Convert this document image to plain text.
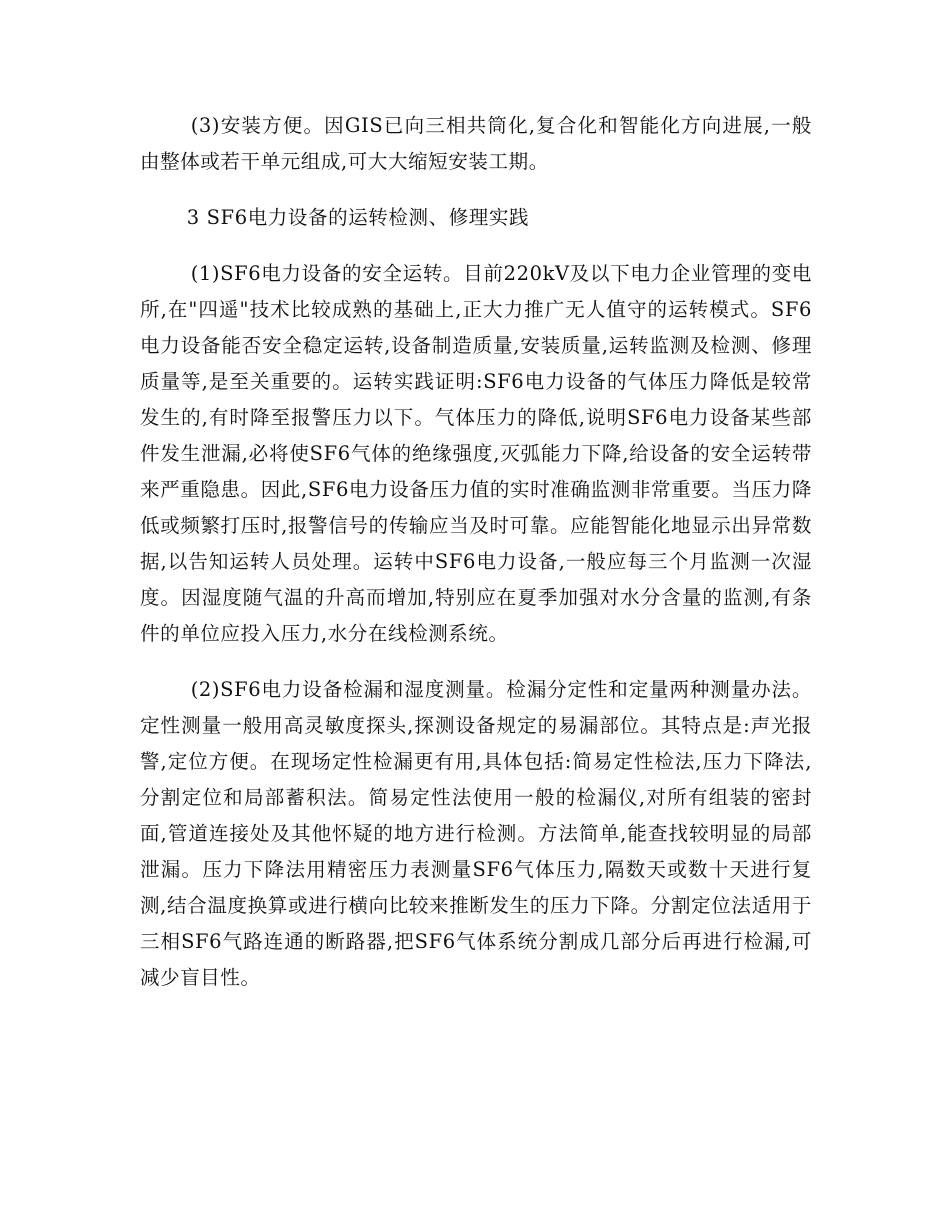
(3)安装方便。因GIS已向三相共筒化,复合化和智能化方向进展,一般由整体或若干单元组成,可大大缩短安装工期。

3 SF6电力设备的运转检测、修理实践

(1)SF6电力设备的安全运转。目前220kV及以下电力企业管理的变电所,在"四遥"技术比较成熟的基础上,正大力推广无人值守的运转模式。SF6电力设备能否安全稳定运转,设备制造质量,安装质量,运转监测及检测、修理质量等,是至关重要的。运转实践证明:SF6电力设备的气体压力降低是较常发生的,有时降至报警压力以下。气体压力的降低,说明SF6电力设备某些部件发生泄漏,必将使SF6气体的绝缘强度,灭弧能力下降,给设备的安全运转带来严重隐患。因此,SF6电力设备压力值的实时准确监测非常重要。当压力降低或频繁打压时,报警信号的传输应当及时可靠。应能智能化地显示出异常数据,以告知运转人员处理。运转中SF6电力设备,一般应每三个月监测一次湿度。因湿度随气温的升高而增加,特别应在夏季加强对水分含量的监测,有条件的单位应投入压力,水分在线检测系统。

(2)SF6电力设备检漏和湿度测量。检漏分定性和定量两种测量办法。定性测量一般用高灵敏度探头,探测设备规定的易漏部位。其特点是:声光报警,定位方便。在现场定性检漏更有用,具体包括:简易定性检法,压力下降法,分割定位和局部蓄积法。简易定性法使用一般的检漏仪,对所有组装的密封面,管道连接处及其他怀疑的地方进行检测。方法简单,能查找较明显的局部泄漏。压力下降法用精密压力表测量SF6气体压力,隔数天或数十天进行复测,结合温度换算或进行横向比较来推断发生的压力下降。分割定位法适用于三相SF6气路连通的断路器,把SF6气体系统分割成几部分后再进行检漏,可减少盲目性。
